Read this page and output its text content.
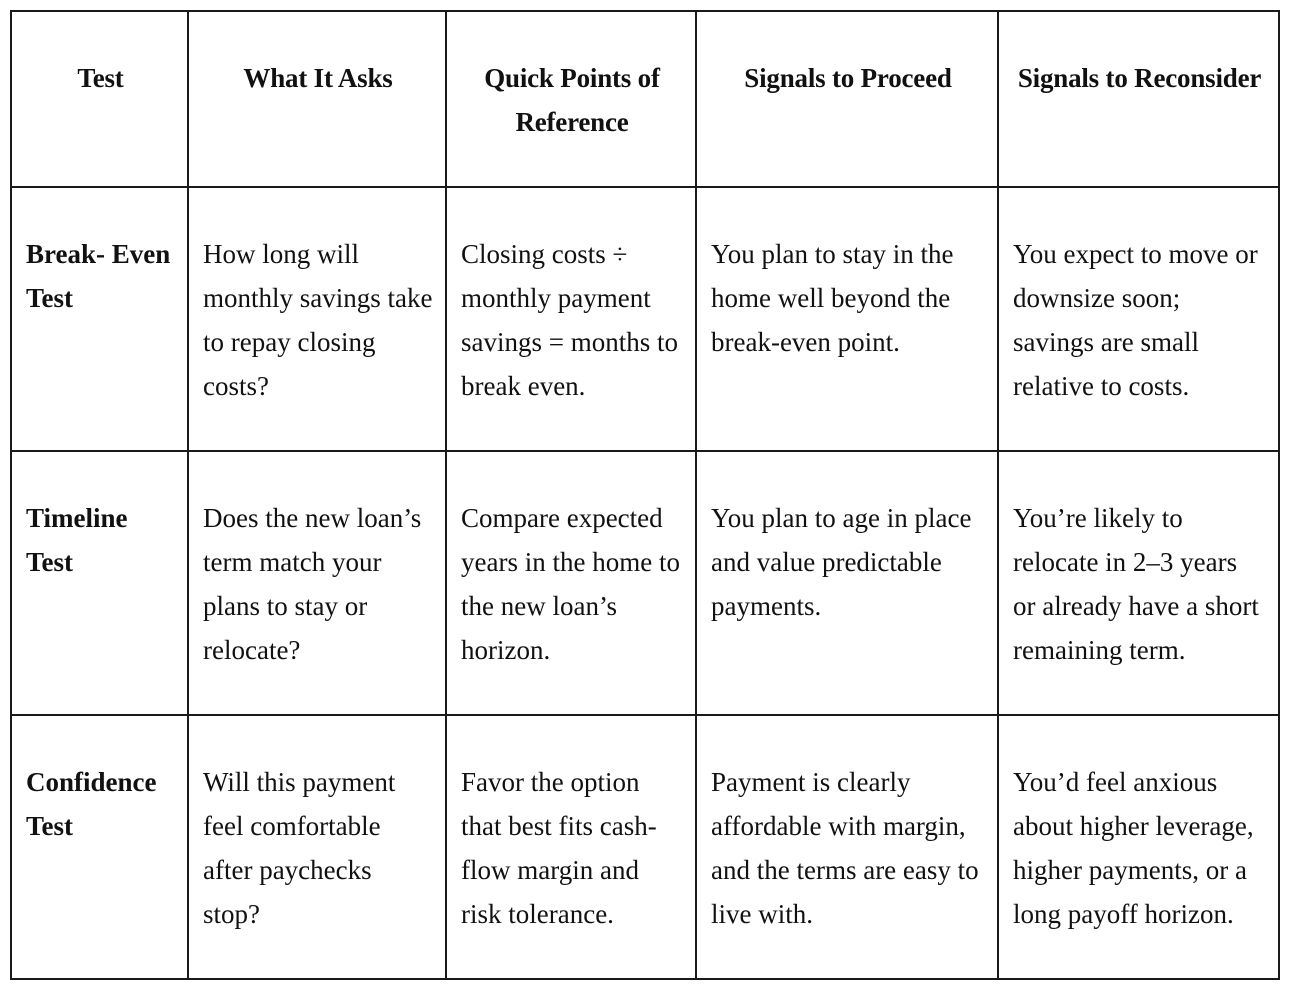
Test	What It Asks	Quick Points of Reference	Signals to Proceed	Signals to Reconsider
Break- Even Test	How long will monthly savings take to repay closing costs?	Closing costs ÷ monthly payment savings = months to break even.	You plan to stay in the home well beyond the break-even point.	You expect to move or downsize soon; savings are small relative to costs.
Timeline Test	Does the new loan’s term match your plans to stay or relocate?	Compare expected years in the home to the new loan’s horizon.	You plan to age in place and value predictable payments.	You’re likely to relocate in 2–3 years or already have a short remaining term.
Confidence Test	Will this payment feel comfortable after paychecks stop?	Favor the option that best fits cash-flow margin and risk tolerance.	Payment is clearly affordable with margin, and the terms are easy to live with.	You’d feel anxious about higher leverage, higher payments, or a long payoff horizon.
